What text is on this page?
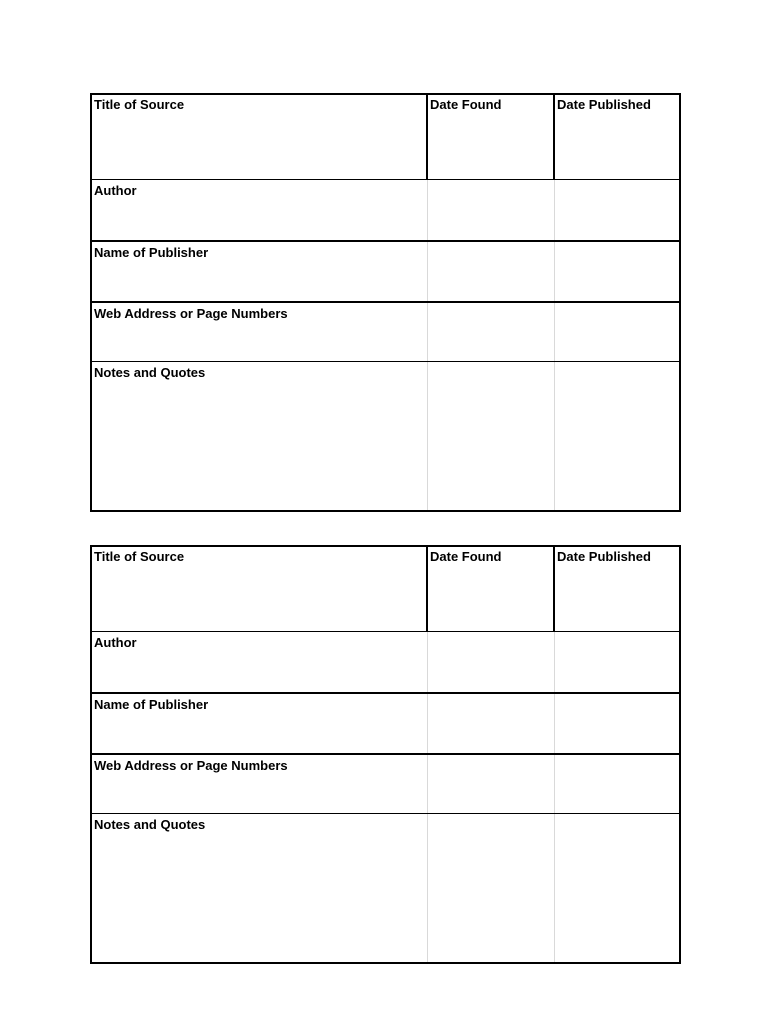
Title of Source	Date Found	Date Published
Author
Name of Publisher
Web Address or Page Numbers
Notes and Quotes
Title of Source	Date Found	Date Published
Author
Name of Publisher
Web Address or Page Numbers
Notes and Quotes
